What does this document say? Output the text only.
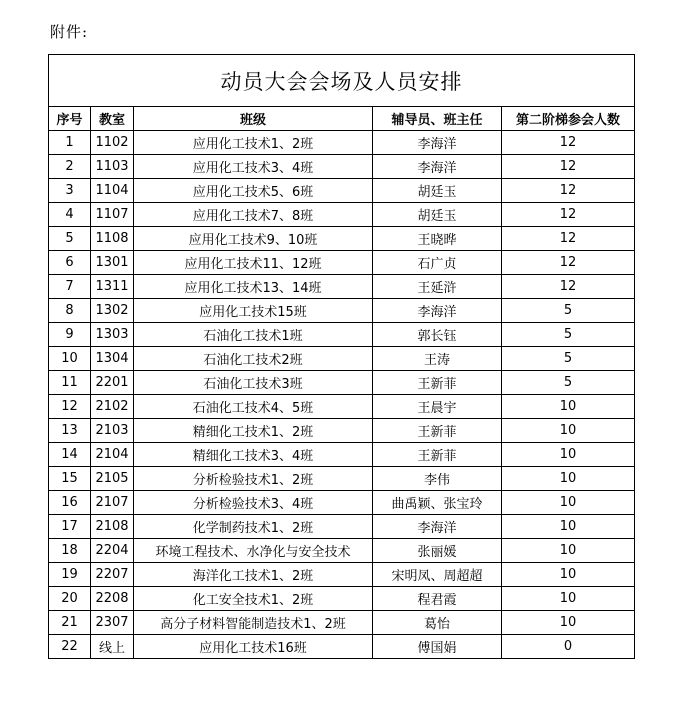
附件:
动员大会会场及人员安排				
序号	教室	班级	辅导员、班主任	第二阶梯参会人数
1	1102	应用化工技术1、2班	李海洋	12
2	1103	应用化工技术3、4班	李海洋	12
3	1104	应用化工技术5、6班	胡廷玉	12
4	1107	应用化工技术7、8班	胡廷玉	12
5	1108	应用化工技术9、10班	王晓晔	12
6	1301	应用化工技术11、12班	石广贞	12
7	1311	应用化工技术13、14班	王延浒	12
8	1302	应用化工技术15班	李海洋	5
9	1303	石油化工技术1班	郭长钰	5
10	1304	石油化工技术2班	王涛	5
11	2201	石油化工技术3班	王新菲	5
12	2102	石油化工技术4、5班	王晨宇	10
13	2103	精细化工技术1、2班	王新菲	10
14	2104	精细化工技术3、4班	王新菲	10
15	2105	分析检验技术1、2班	李伟	10
16	2107	分析检验技术3、4班	曲禹颖、张宝玲	10
17	2108	化学制药技术1、2班	李海洋	10
18	2204	环境工程技术、水净化与安全技术	张丽媛	10
19	2207	海洋化工技术1、2班	宋明凤、周超超	10
20	2208	化工安全技术1、2班	程君霞	10
21	2307	高分子材料智能制造技术1、2班	葛怡	10
22	线上	应用化工技术16班	傅国娟	0
